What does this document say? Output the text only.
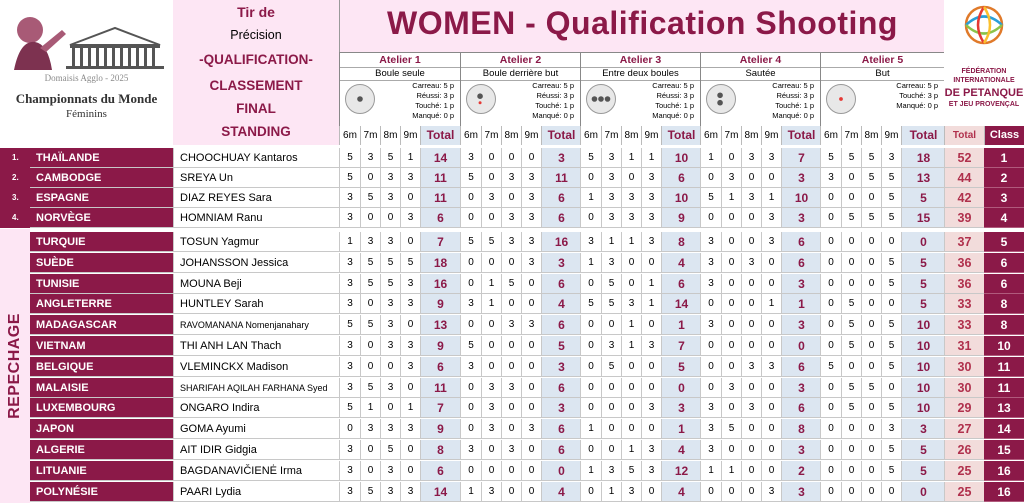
Domaisis Agglo - 2025
Championnats du Monde
Féminins
Tir de
Précision
-QUALIFICATION-
CLASSEMENT
FINAL
STANDING
WOMEN - Qualification Shooting
FÉDÉRATION
INTERNATIONALE
DE PETANQUE
ET JEU PROVENÇAL
Atelier 1
Boule seule
Carreau: 5 p
Réussi: 3 p
Touché: 1 p
Manqué: 0 p
Atelier 2
Boule derrière but
Carreau: 5 p
Réussi: 3 p
Touché: 1 p
Manqué: 0 p
Atelier 3
Entre deux boules
Carreau: 5 p
Réussi: 3 p
Touché: 1 p
Manqué: 0 p
Atelier 4
Sautée
Carreau: 5 p
Réussi: 3 p
Touché: 1 p
Manqué: 0 p
Atelier 5
But
Carreau: 5 p
Touché: 3 p
Manqué: 0 p
6m 7m 8m 9m Total 6m 7m 8m 9m Total 6m 7m 8m 9m Total 6m 7m 8m 9m Total 6m 7m 8m 9m Total	Total	Class
REPECHAGE
1.	THAÏLANDE	CHOOCHUAY Kantaros	5	3	5	1	14	3	0	0	0	3	5	3	1	1	10	1	0	3	3	7	5	5	5	3	18	52	1
2.	CAMBODGE	SREYA Un	5	0	3	3	11	5	0	3	3	11	0	3	0	3	6	0	3	0	0	3	3	0	5	5	13	44	2
3.	ESPAGNE	DIAZ REYES Sara	3	5	3	0	11	0	3	0	3	6	1	3	3	3	10	5	1	3	1	10	0	0	0	5	5	42	3
4.	NORVÈGE	HOMNIAM Ranu	3	0	0	3	6	0	0	3	3	6	0	3	3	3	9	0	0	0	3	3	0	5	5	5	15	39	4
TURQUIE	TOSUN Yagmur	1	3	3	0	7	5	5	3	3	16	3	1	1	3	8	3	0	0	3	6	0	0	0	0	0	37	5
SUÈDE	JOHANSSON Jessica	3	5	5	5	18	0	0	0	3	3	1	3	0	0	4	3	0	3	0	6	0	0	0	5	5	36	6
TUNISIE	MOUNA Beji	3	5	5	3	16	0	1	5	0	6	0	5	0	1	6	3	0	0	0	3	0	0	0	5	5	36	6
ANGLETERRE	HUNTLEY Sarah	3	0	3	3	9	3	1	0	0	4	5	5	3	1	14	0	0	0	1	1	0	5	0	0	5	33	8
MADAGASCAR	RAVOMANANA Nomenjanahary	5	5	3	0	13	0	0	3	3	6	0	0	1	0	1	3	0	0	0	3	0	5	0	5	10	33	8
VIETNAM	THI ANH LAN Thach	3	0	3	3	9	5	0	0	0	5	0	3	1	3	7	0	0	0	0	0	0	5	0	5	10	31	10
BELGIQUE	VLEMINCKX Madison	3	0	0	3	6	3	0	0	0	3	0	5	0	0	5	0	0	3	3	6	5	0	0	5	10	30	11
MALAISIE	SHARIFAH AQILAH FARHANA Syed	3	5	3	0	11	0	3	3	0	6	0	0	0	0	0	0	3	0	0	3	0	5	5	0	10	30	11
LUXEMBOURG	ONGARO Indira	5	1	0	1	7	0	3	0	0	3	0	0	0	3	3	3	0	3	0	6	0	5	0	5	10	29	13
JAPON	GOMA Ayumi	0	3	3	3	9	0	3	0	3	6	1	0	0	0	1	3	5	0	0	8	0	0	0	3	3	27	14
ALGERIE	AIT IDIR Gidgia	3	0	5	0	8	3	0	3	0	6	0	0	1	3	4	3	0	0	0	3	0	0	0	5	5	26	15
LITUANIE	BAGDANAVIČIENĖ Irma	3	0	3	0	6	0	0	0	0	0	1	3	5	3	12	1	1	0	0	2	0	0	0	5	5	25	16
POLYNÉSIE	PAARI Lydia	3	5	3	3	14	1	3	0	0	4	0	1	3	0	4	0	0	0	3	3	0	0	0	0	0	25	16
